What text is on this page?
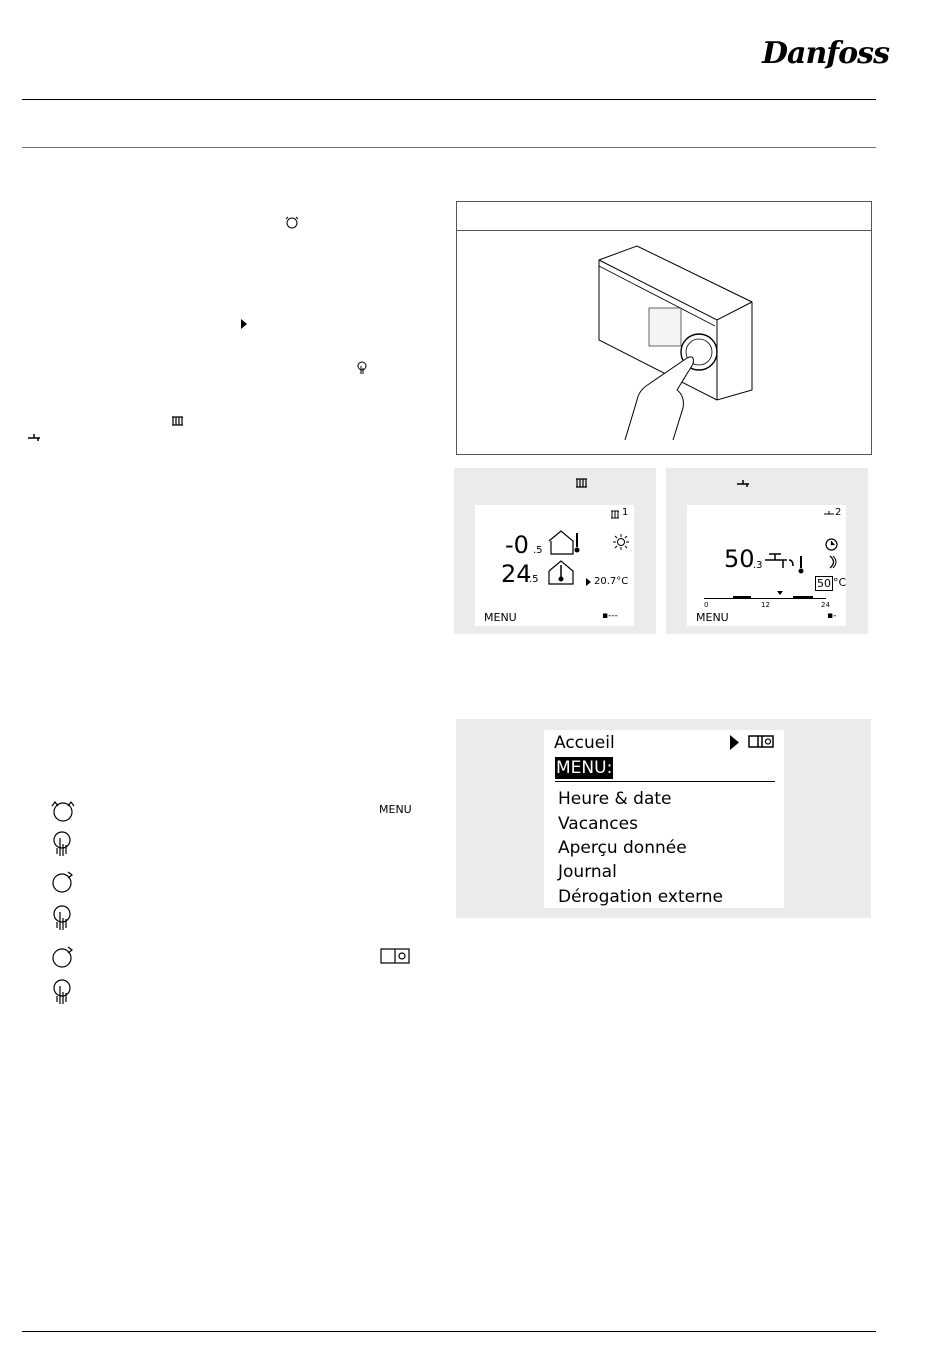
Danfoss
1
-0 .5
24
.5	20.7°C
MENU	▪---
2
50
.3
50 °C
0	12	24
MENU	▪-
MENU
Accueil
MENU:
Heure & date
Vacances
Aperçu donnée
Journal
Dérogation externe
